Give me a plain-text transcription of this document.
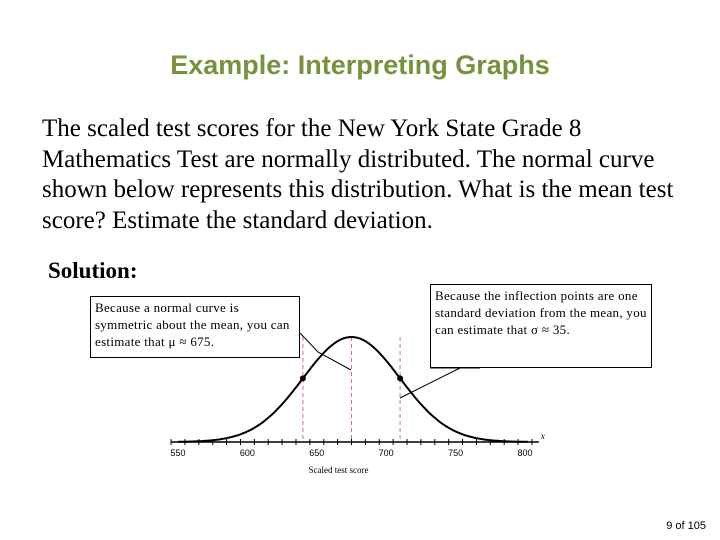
Example: Interpreting Graphs
The scaled test scores for the New York State Grade 8 Mathematics Test are normally distributed. The normal curve shown below represents this distribution. What is the mean test score? Estimate the standard deviation.
Solution:
550	600	650	700	750	800
x
Scaled test score
Because a normal curve is symmetric about the mean, you can estimate that μ ≈ 675.
Because the inflection points are one standard deviation from the mean, you can estimate that σ ≈ 35.
9 of 105
